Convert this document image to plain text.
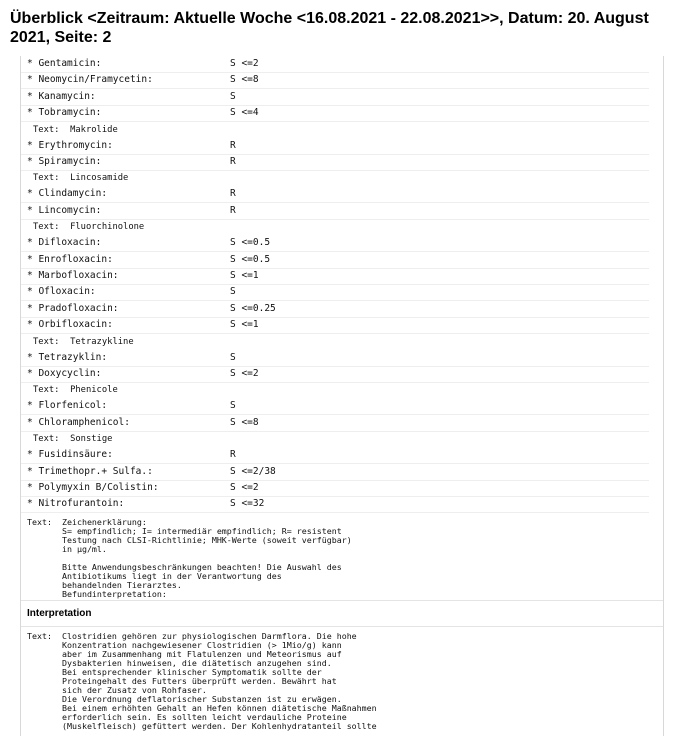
Überblick <Zeitraum: Aktuelle Woche <16.08.2021 - 22.08.2021>>, Datum: 20. August 2021, Seite: 2
* Gentamicin:	S <=2
* Neomycin/Framycetin:	S <=8
* Kanamycin:	S
* Tobramycin:	S <=4
Text:  Makrolide
* Erythromycin:	R
* Spiramycin:	R
Text:  Lincosamide
* Clindamycin:	R
* Lincomycin:	R
Text:  Fluorchinolone
* Difloxacin:	S <=0.5
* Enrofloxacin:	S <=0.5
* Marbofloxacin:	S <=1
* Ofloxacin:	S
* Pradofloxacin:	S <=0.25
* Orbifloxacin:	S <=1
Text:  Tetrazykline
* Tetrazyklin:	S
* Doxycyclin:	S <=2
Text:  Phenicole
* Florfenicol:	S
* Chloramphenicol:	S <=8
Text:  Sonstige
* Fusidinsäure:	R
* Trimethopr.+ Sulfa.:	S <=2/38
* Polymyxin B/Colistin:	S <=2
* Nitrofurantoin:	S <=32
Text:  Zeichenerklärung:
S= empfindlich; I= intermediär empfindlich; R= resistent
Testung nach CLSI-Richtlinie; MHK-Werte (soweit verfügbar)
in µg/ml.

Bitte Anwendungsbeschränkungen beachten! Die Auswahl des
Antibiotikums liegt in der Verantwortung des
behandelnden Tierarztes.
Befundinterpretation:
Interpretation
Text:  Clostridien gehören zur physiologischen Darmflora. Die hohe
Konzentration nachgewiesener Clostridien (> 1Mio/g) kann
aber im Zusammenhang mit Flatulenzen und Meteorismus auf
Dysbakterien hinweisen, die diätetisch anzugehen sind.
Bei entsprechender klinischer Symptomatik sollte der
Proteingehalt des Futters überprüft werden. Bewährt hat
sich der Zusatz von Rohfaser.
Die Verordnung deflatorischer Substanzen ist zu erwägen.
Bei einem erhöhten Gehalt an Hefen können diätetische Maßnahmen
erforderlich sein. Es sollten leicht verdauliche Proteine
(Muskelfleisch) gefüttert werden. Der Kohlenhydratanteil sollte
